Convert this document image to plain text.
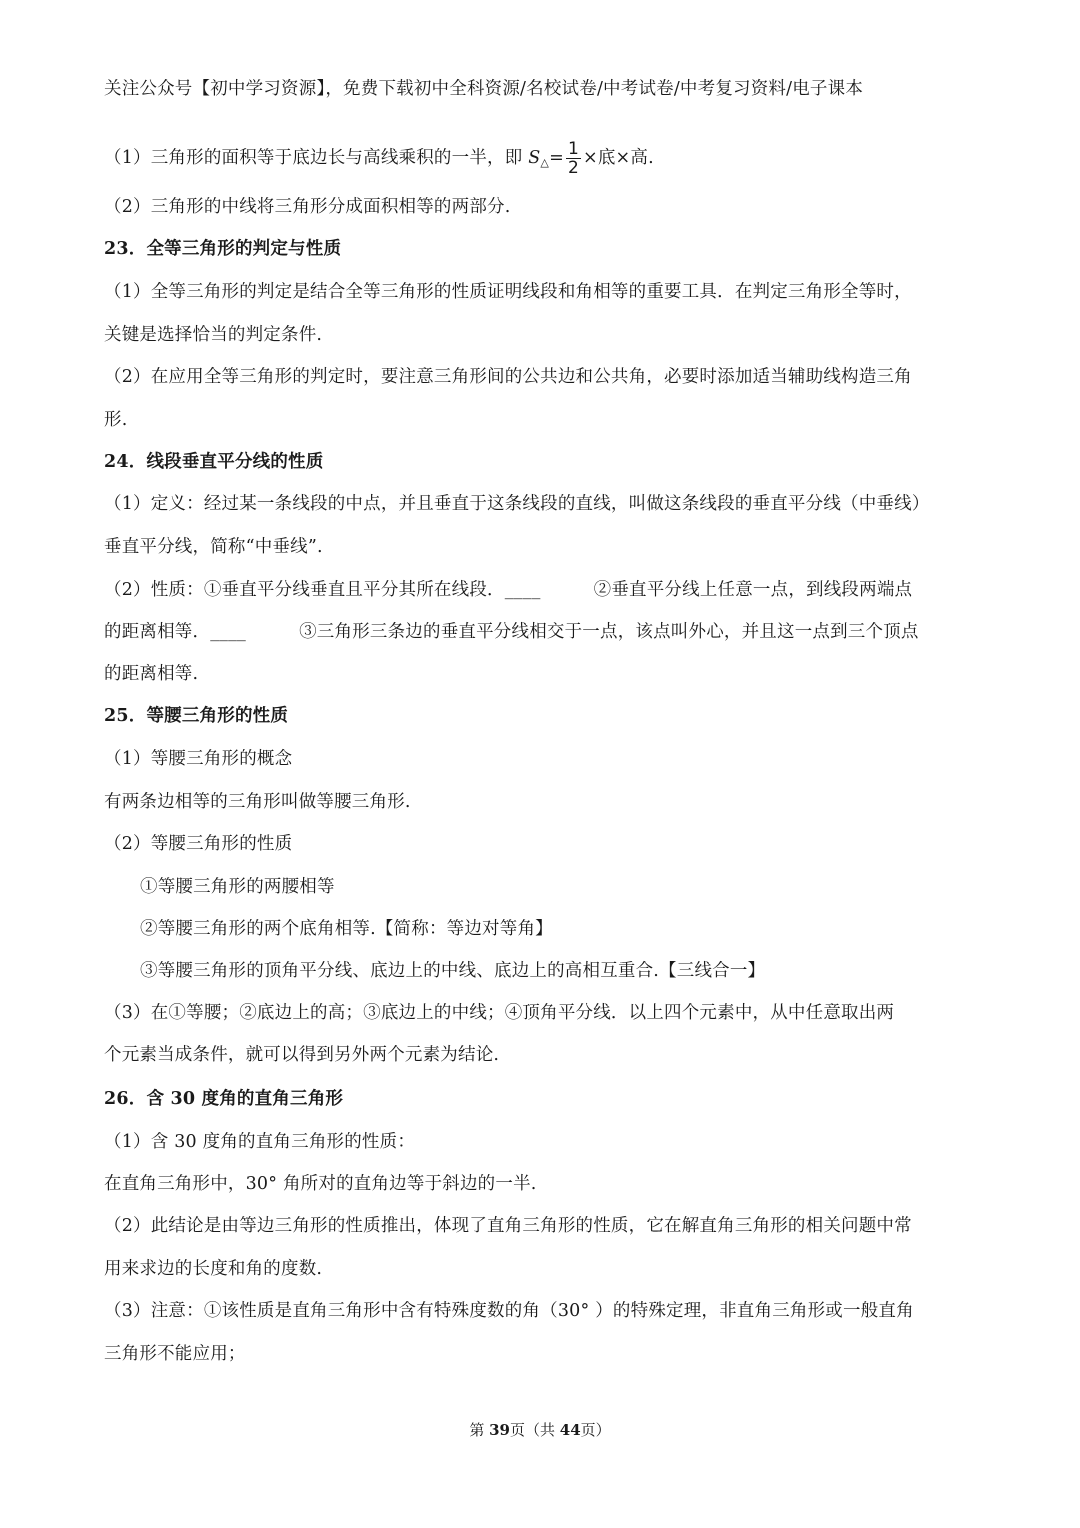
关注公众号【初中学习资源】，免费下载初中全科资源/名校试卷/中考试卷/中考复习资料/电子课本
（1）三角形的面积等于底边长与高线乘积的一半，即 $S_\triangle= \frac{1}{2}$ ×底×高.
（2）三角形的中线将三角形分成面积相等的两部分.
23．全等三角形的判定与性质
（1）全等三角形的判定是结合全等三角形的性质证明线段和角相等的重要工具．在判定三角形全等时，
关键是选择恰当的判定条件.
（2）在应用全等三角形的判定时，要注意三角形间的公共边和公共角，必要时添加适当辅助线构造三角
形.
24．线段垂直平分线的性质
（1）定义：经过某一条线段的中点，并且垂直于这条线段的直线，叫做这条线段的垂直平分线（中垂线）
垂直平分线，简称“中垂线”.
（2）性质：①垂直平分线垂直且平分其所在线段．____　　　②垂直平分线上任意一点，到线段两端点
的距离相等．____　　　③三角形三条边的垂直平分线相交于一点，该点叫外心，并且这一点到三个顶点
的距离相等.
25．等腰三角形的性质
（1）等腰三角形的概念
有两条边相等的三角形叫做等腰三角形.
（2）等腰三角形的性质
①等腰三角形的两腰相等
②等腰三角形的两个底角相等.【简称：等边对等角】
③等腰三角形的顶角平分线、底边上的中线、底边上的高相互重合.【三线合一】
（3）在①等腰；②底边上的高；③底边上的中线；④顶角平分线．以上四个元素中，从中任意取出两
个元素当成条件，就可以得到另外两个元素为结论.
26．含 30 度角的直角三角形
（1）含 30 度角的直角三角形的性质：
在直角三角形中，30° 角所对的直角边等于斜边的一半.
（2）此结论是由等边三角形的性质推出，体现了直角三角形的性质，它在解直角三角形的相关问题中常
用来求边的长度和角的度数.
（3）注意：①该性质是直角三角形中含有特殊度数的角（30° ）的特殊定理，非直角三角形或一般直角
三角形不能应用；
第 39页（共 44页）
